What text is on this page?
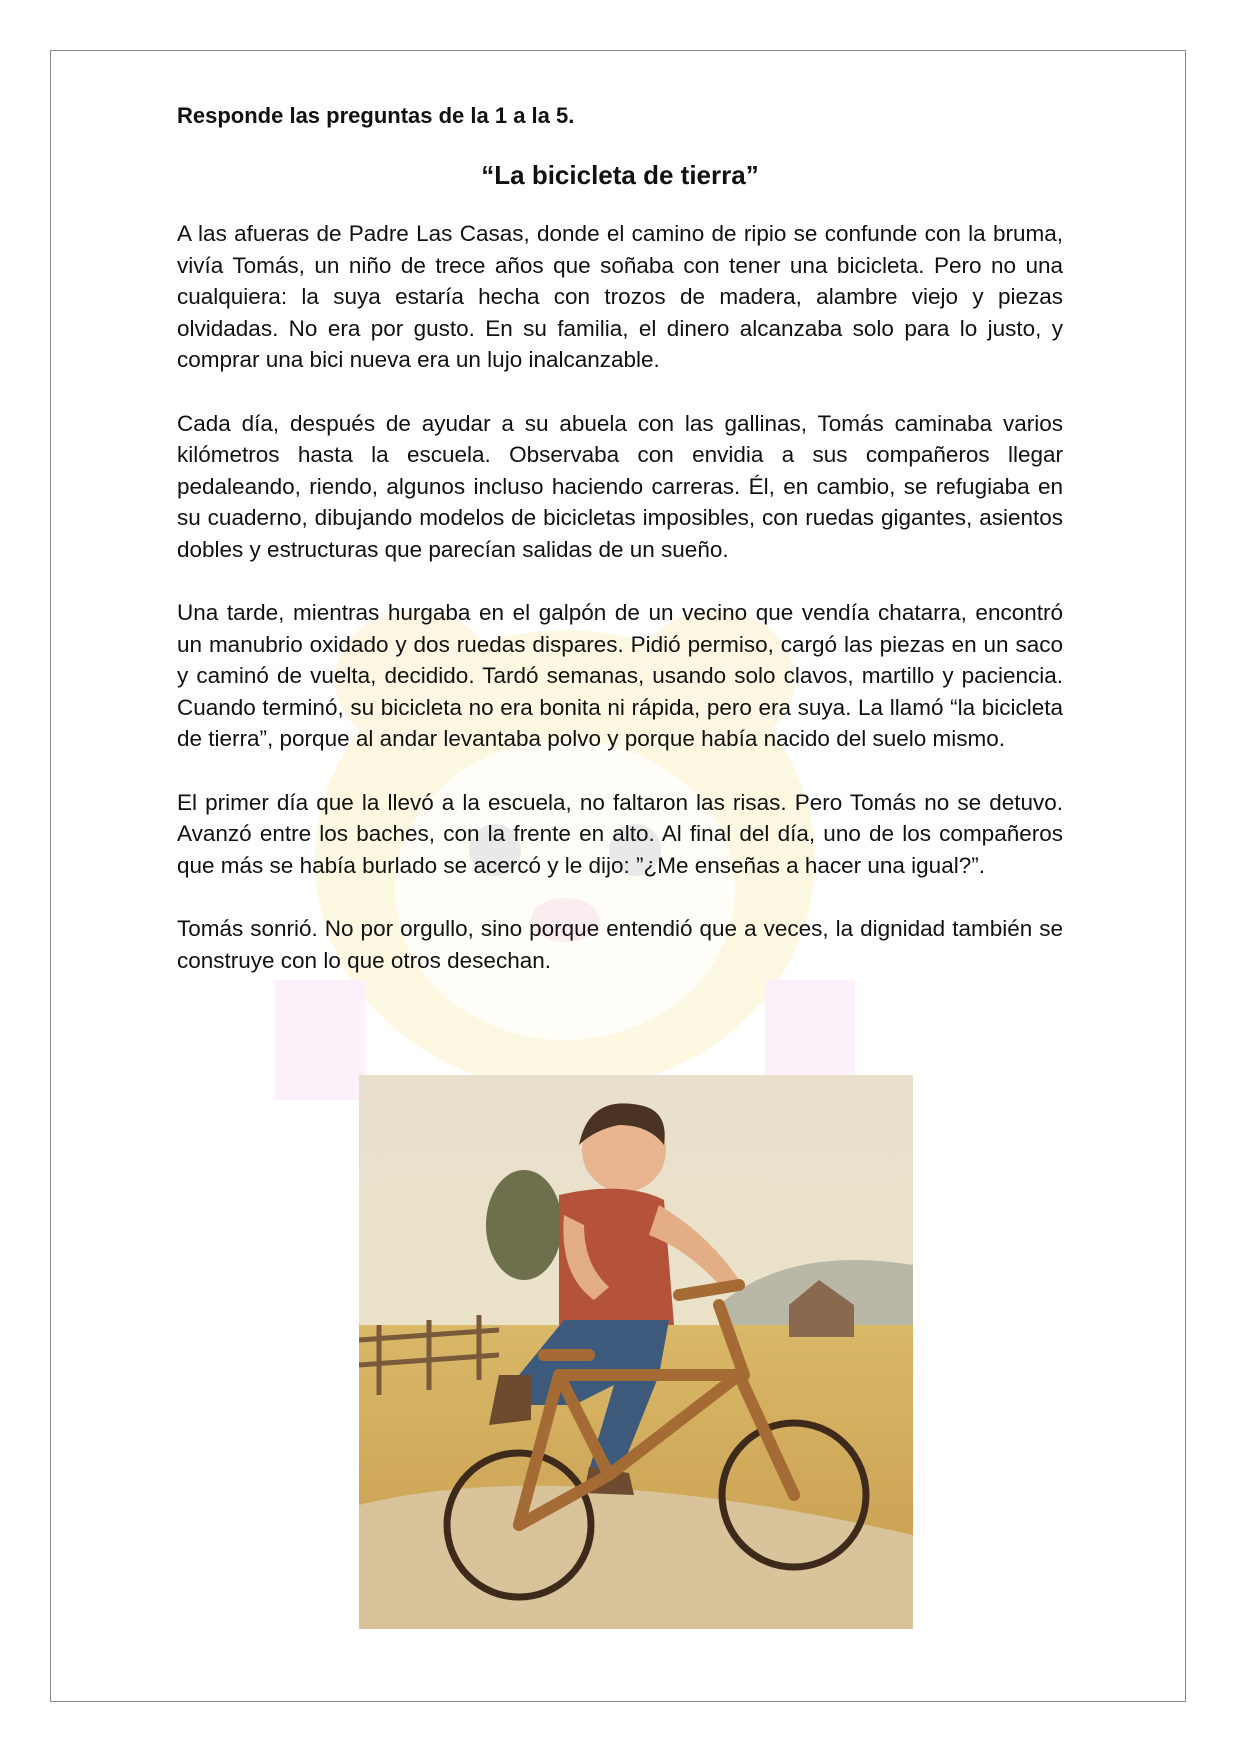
Responde las preguntas de la 1 a la 5.

“La bicicleta de tierra”

A las afueras de Padre Las Casas, donde el camino de ripio se confunde con la bruma, vivía Tomás, un niño de trece años que soñaba con tener una bicicleta. Pero no una cualquiera: la suya estaría hecha con trozos de madera, alambre viejo y piezas olvidadas. No era por gusto. En su familia, el dinero alcanzaba solo para lo justo, y comprar una bici nueva era un lujo inalcanzable.

Cada día, después de ayudar a su abuela con las gallinas, Tomás caminaba varios kilómetros hasta la escuela. Observaba con envidia a sus compañeros llegar pedaleando, riendo, algunos incluso haciendo carreras. Él, en cambio, se refugiaba en su cuaderno, dibujando modelos de bicicletas imposibles, con ruedas gigantes, asientos dobles y estructuras que parecían salidas de un sueño.

Una tarde, mientras hurgaba en el galpón de un vecino que vendía chatarra, encontró un manubrio oxidado y dos ruedas dispares. Pidió permiso, cargó las piezas en un saco y caminó de vuelta, decidido. Tardó semanas, usando solo clavos, martillo y paciencia. Cuando terminó, su bicicleta no era bonita ni rápida, pero era suya. La llamó “la bicicleta de tierra”, porque al andar levantaba polvo y porque había nacido del suelo mismo.

El primer día que la llevó a la escuela, no faltaron las risas. Pero Tomás no se detuvo. Avanzó entre los baches, con la frente en alto. Al final del día, uno de los compañeros que más se había burlado se acercó y le dijo: ”¿Me enseñas a hacer una igual?”.

Tomás sonrió. No por orgullo, sino porque entendió que a veces, la dignidad también se construye con lo que otros desechan.
